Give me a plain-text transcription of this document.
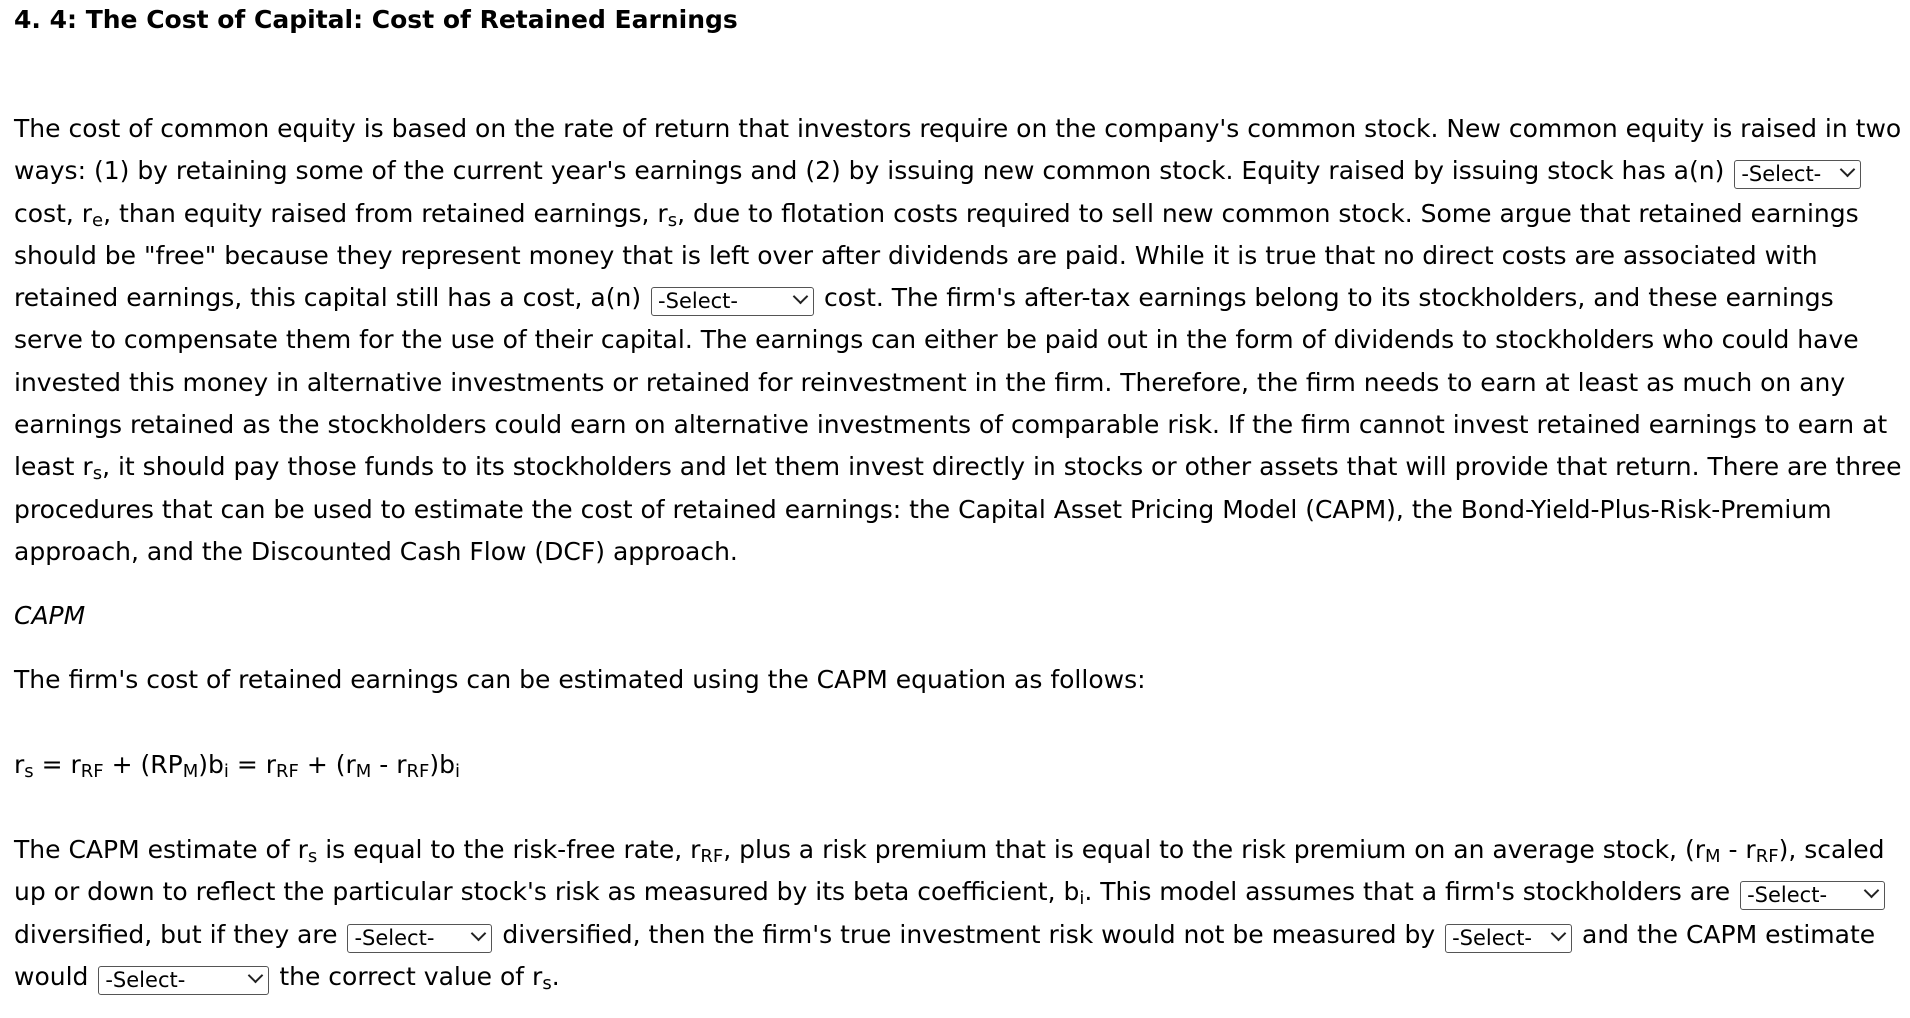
4. 4: The Cost of Capital: Cost of Retained Earnings

The cost of common equity is based on the rate of return that investors require on the company's common stock. New common equity is raised in two ways: (1) by retaining some of the current year's earnings and (2) by issuing new common stock. Equity raised by issuing stock has a(n) -Select-
cost, $r_e$, than equity raised from retained earnings, $r_s$, due to flotation costs required to sell new common stock. Some argue that retained earnings should be "free" because they represent money that is left over after dividends are paid. While it is true that no direct costs are associated with retained earnings, this capital still has a cost, a(n) -Select-	cost. The firm's after-tax earnings belong to its stockholders, and these earnings serve to compensate them for the use of their capital. The earnings can either be paid out in the form of dividends to stockholders who could have invested this money in alternative investments or retained for reinvestment in the firm. Therefore, the firm needs to earn at least as much on any earnings retained as the stockholders could earn on alternative investments of comparable risk. If the firm cannot invest retained earnings to earn at least $r_s$, it should pay those funds to its stockholders and let them invest directly in stocks or other assets that will provide that return. There are three procedures that can be used to estimate the cost of retained earnings: the Capital Asset Pricing Model (CAPM), the Bond-Yield-Plus-Risk-Premium approach, and the Discounted Cash Flow (DCF) approach.

CAPM

The firm's cost of retained earnings can be estimated using the CAPM equation as follows:

$r_s = r_{RF} + (RP_M)b_i = r_{RF} + (r_M - r_{RF})b_i$

The CAPM estimate of $r_s$ is equal to the risk-free rate, $r_{RF}$, plus a risk premium that is equal to the risk premium on an average stock, $(r_M - r_{RF})$, scaled up or down to reflect the particular stock's risk as measured by its beta coefficient, $b_i$. This model assumes that a firm's stockholders are -Select-
diversified, but if they are -Select-	diversified, then the firm's true investment risk would not be measured by -Select- and the CAPM estimate would -Select-	the correct value of $r_s$.
